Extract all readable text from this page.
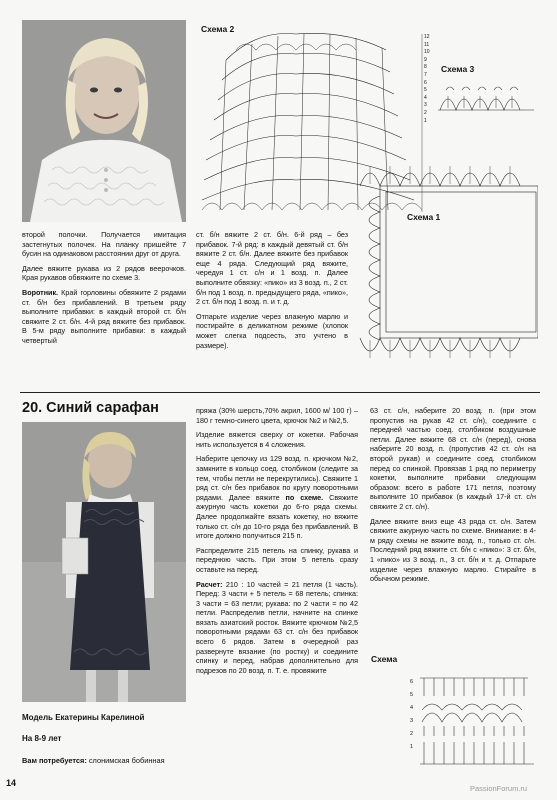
Схема 2
12
11
10
9
8
7
6
5
4
3
2
1
Схема 3
Схема 1

второй полочки. Получается имитация застегнутых полочек. На планку пришейте 7 бусин на одинаковом расстоянии друг от друга.

Далее вяжите рукава из 2 рядов вееpочков. Края рукавов обвяжите по схеме 3.

Воротник. Край горловины обвяжите 2 рядами ст. б/н без прибавлений. В третьем ряду выполните прибавки: в каждый второй ст. б/н свяжите 2 ст. б/н. 4-й ряд вяжите без прибавок. В 5-м ряду выполните прибавки: в каждый четвертый

ст. б/н вяжите 2 ст. б/н. 6-й ряд – без прибавок. 7-й ряд: в каждый девятый ст. б/н вяжите 2 ст. б/н. Далее вяжите без прибавок еще 4 ряда. Следующий ряд вяжите, чередуя 1 ст. с/н и 1 возд. п. Далее выполните обвязку: «пико» из 3 возд. п., 2 ст. б/н под 1 возд. п. предыдущего ряда, «пико», 2 ст. б/н под 1 возд. п. и т. д.

Отпарьте изделие через влажную марлю и постирайте в деликатном режиме (хлопок может слегка подсесть, это учтено в размере).

20. Синий сарафан
Модель Екатерины Карелиной
На 8-9 лет
Вам потребуется: слонимская бобинная

пряжа (30% шерсть,70% акрил, 1600 м/ 100 г) – 180 г темно-синего цвета, крючок №2 и №2,5.

Изделие вяжется сверху от кокетки. Рабочая нить используется в 4 сложения.

Наберите цепочку из 129 возд. п. крючком №2, замкните в кольцо соед. столбиком (следите за тем, чтобы петли не перекрутились). Свяжите 1 ряд ст. с/н без прибавок по кругу поворотными рядами. Далее вяжите по схеме. Свяжите ажурную часть кокетки до 6-го ряда схемы. Далее продолжайте вязать кокетку, но вяжите только ст. с/н до 10-го ряда без прибавлений. В итоге должно получиться 215 п.

Распределите 215 петель на спинку, рукава и переднюю часть. При этом 5 петель сразу оставьте на перед.

Расчет: 210 : 10 частей = 21 петля (1 часть). Перед: 3 части + 5 петель = 68 петель; спинка: 3 части = 63 петли; рукава: по 2 части = по 42 петли. Распределив петли, начните на спинке вязать азиатский росток. Вяжите крючком №2,5 поворотными рядами 63 ст. с/н без прибавок всего 6 рядов. Затем в очередной раз развернуте вязание (по ростку) и соедините спинку и перед, набрав дополнительно для подрезов по 20 возд. п. Т. е. провяжите

63 ст. с/н, наберите 20 возд. п. (при этом пропустив на рукав 42 ст. с/н), соедините с передней частью соед. столбиком воздушные петли. Далее вяжите 68 ст. с/н (перед), снова наберите 20 возд. п. (пропустив 42 ст. с/н на второй рукав) и соедините соед. столбиком перед со спинкой. Провязав 1 ряд по периметру кокетки, выполните прибавки следующим образом: всего в работе 171 петля, поэтому выполните 10 прибавок (в каждый 17-й ст. с/н свяжите 2 ст. с/н).

Далее вяжите вниз еще 43 ряда ст. с/н. Затем свяжите ажурную часть по схеме. Внимание: в 4-м ряду схемы не вяжите возд. п., только ст. с/н. Последний ряд вяжите ст. б/н с «пико»: 3 ст. б/н, 1 «пико» из 3 возд. п., 3 ст. б/н и т. д. Отпарьте изделие через влажную марлю. Стирайте в обычном режиме.

Схема
6
5
4
3
2
1
14
PassionForum.ru
